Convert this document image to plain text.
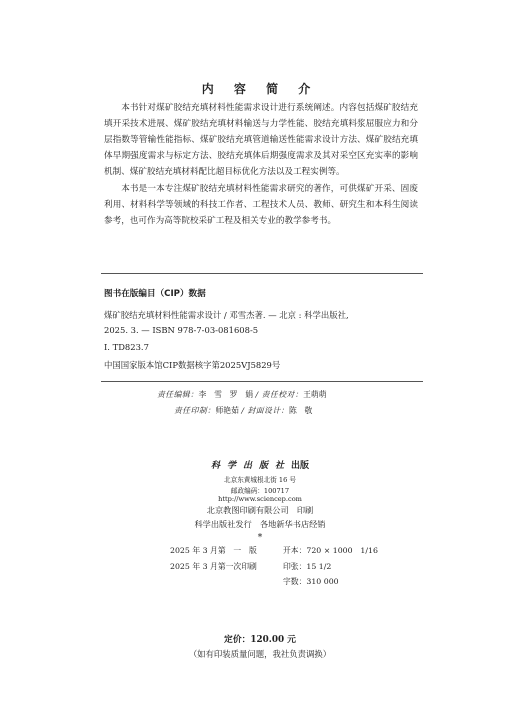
内 容 简 介

本书针对煤矿胶结充填材料性能需求设计进行系统阐述。内容包括煤矿胶结充填开采技术进展、煤矿胶结充填材料输送与力学性能、胶结充填料浆屈服应力和分层指数等管输性能指标、煤矿胶结充填管道输送性能需求设计方法、煤矿胶结充填体早期强度需求与标定方法、胶结充填体后期强度需求及其对采空区充实率的影响机制、煤矿胶结充填材料配比超目标优化方法以及工程实例等。

本书是一本专注煤矿胶结充填材料性能需求研究的著作，可供煤矿开采、固废利用、材料科学等领域的科技工作者、工程技术人员、教师、研究生和本科生阅读参考，也可作为高等院校采矿工程及相关专业的教学参考书。

图书在版编目（CIP）数据
煤矿胶结充填材料性能需求设计 / 邓雪杰著. — 北京 : 科学出版社,
2025. 3. — ISBN 978-7-03-081608-5
Ⅰ. TD823.7
中国国家版本馆CIP数据核字第2025VJ5829号
责任编辑：李　雪　罗　娟 / 责任校对：王萌萌
责任印制：师艳茹 / 封面设计：陈　敬
科学出版社出版
北京东黄城根北街 16 号
邮政编码：100717
http://www.sciencep.com
北京教图印刷有限公司　印刷
科学出版社发行　各地新华书店经销
*
2025 年 3 月第　一　版	开本：720 × 1000　1/16
2025 年 3 月第一次印刷	印张：15 1/2
字数：310 000
定价：120.00 元
（如有印装质量问题，我社负责调换）
